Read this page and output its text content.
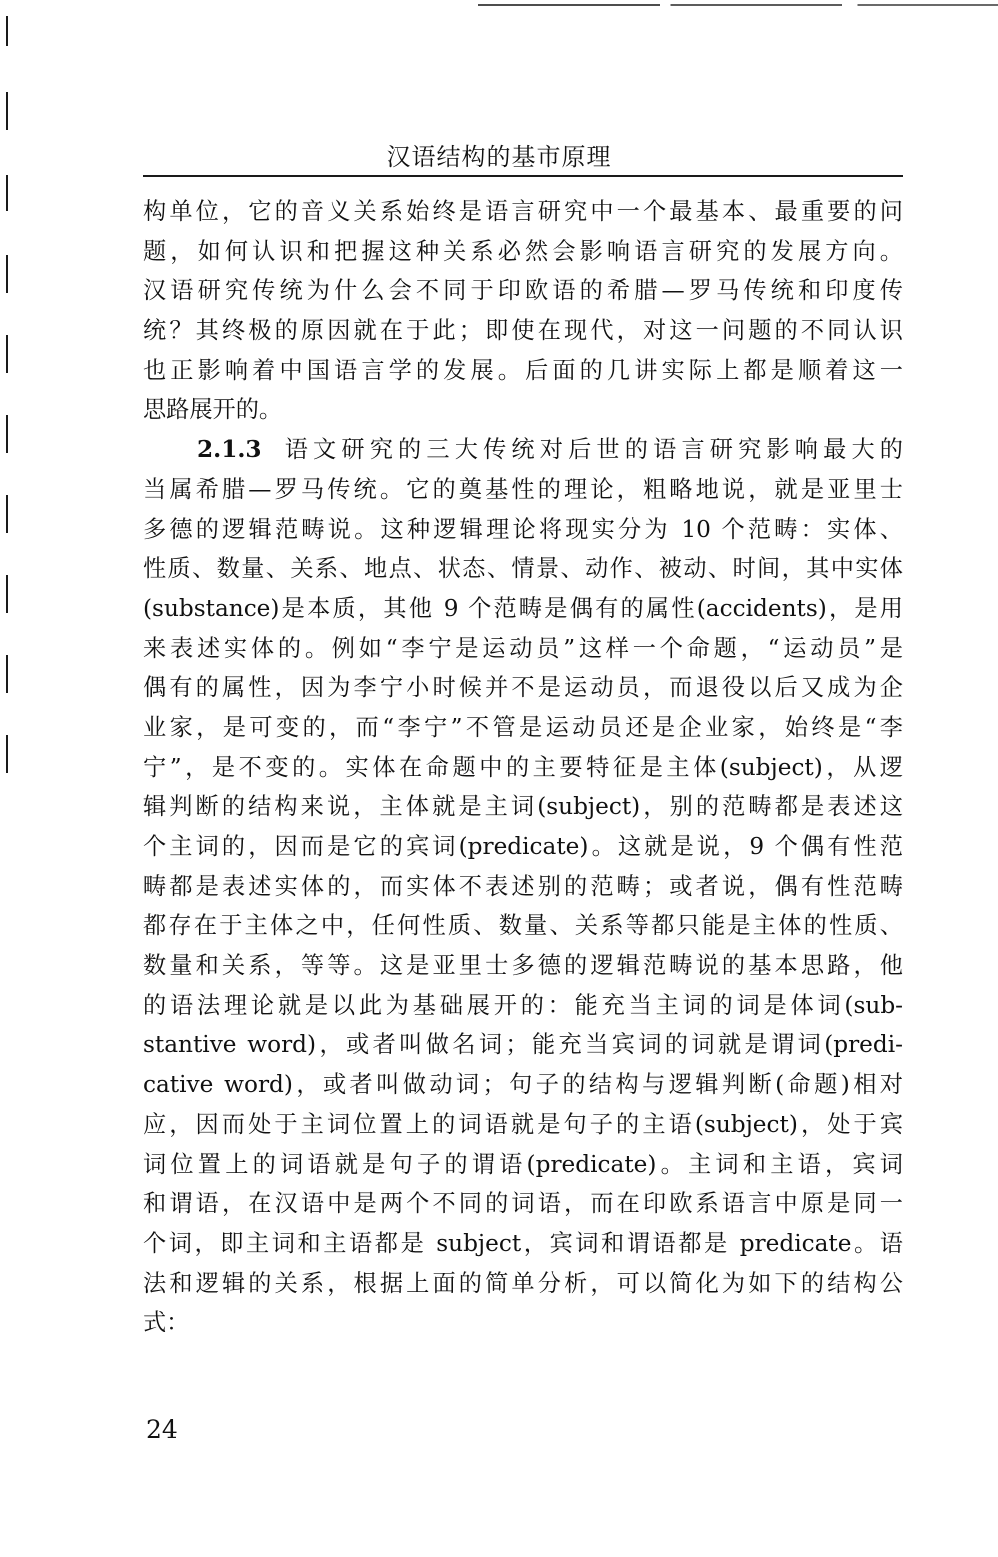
汉语结构的基市原理
构单位，它的音义关系始终是语言研究中一个最基本、最重要的问
题，如何认识和把握这种关系必然会影响语言研究的发展方向。
汉语研究传统为什么会不同于印欧语的希腊—罗马传统和印度传
统？其终极的原因就在于此；即使在现代，对这一问题的不同认识
也正影响着中国语言学的发展。后面的几讲实际上都是顺着这一
思路展开的。
2.1.3 语文研究的三大传统对后世的语言研究影响最大的
当属希腊—罗马传统。它的奠基性的理论，粗略地说，就是亚里士
多德的逻辑范畴说。这种逻辑理论将现实分为 10 个范畴：实体、
性质、数量、关系、地点、状态、情景、动作、被动、时间，其中实体
(substance)是本质，其他 9 个范畴是偶有的属性(accidents)，是用
来表述实体的。例如“李宁是运动员”这样一个命题，“运动员”是
偶有的属性，因为李宁小时候并不是运动员，而退役以后又成为企
业家，是可变的，而“李宁”不管是运动员还是企业家，始终是“李
宁”，是不变的。实体在命题中的主要特征是主体(subject)，从逻
辑判断的结构来说，主体就是主词(subject)，别的范畴都是表述这
个主词的，因而是它的宾词(predicate)。这就是说，9 个偶有性范
畴都是表述实体的，而实体不表述别的范畴；或者说，偶有性范畴
都存在于主体之中，任何性质、数量、关系等都只能是主体的性质、
数量和关系，等等。这是亚里士多德的逻辑范畴说的基本思路，他
的语法理论就是以此为基础展开的：能充当主词的词是体词(sub-
stantive word)，或者叫做名词；能充当宾词的词就是谓词(predi-
cative word)，或者叫做动词；句子的结构与逻辑判断(命题)相对
应，因而处于主词位置上的词语就是句子的主语(subject)，处于宾
词位置上的词语就是句子的谓语(predicate)。主词和主语，宾词
和谓语，在汉语中是两个不同的词语，而在印欧系语言中原是同一
个词，即主词和主语都是 subject，宾词和谓语都是 predicate。语
法和逻辑的关系，根据上面的简单分析，可以简化为如下的结构公
式：
24
